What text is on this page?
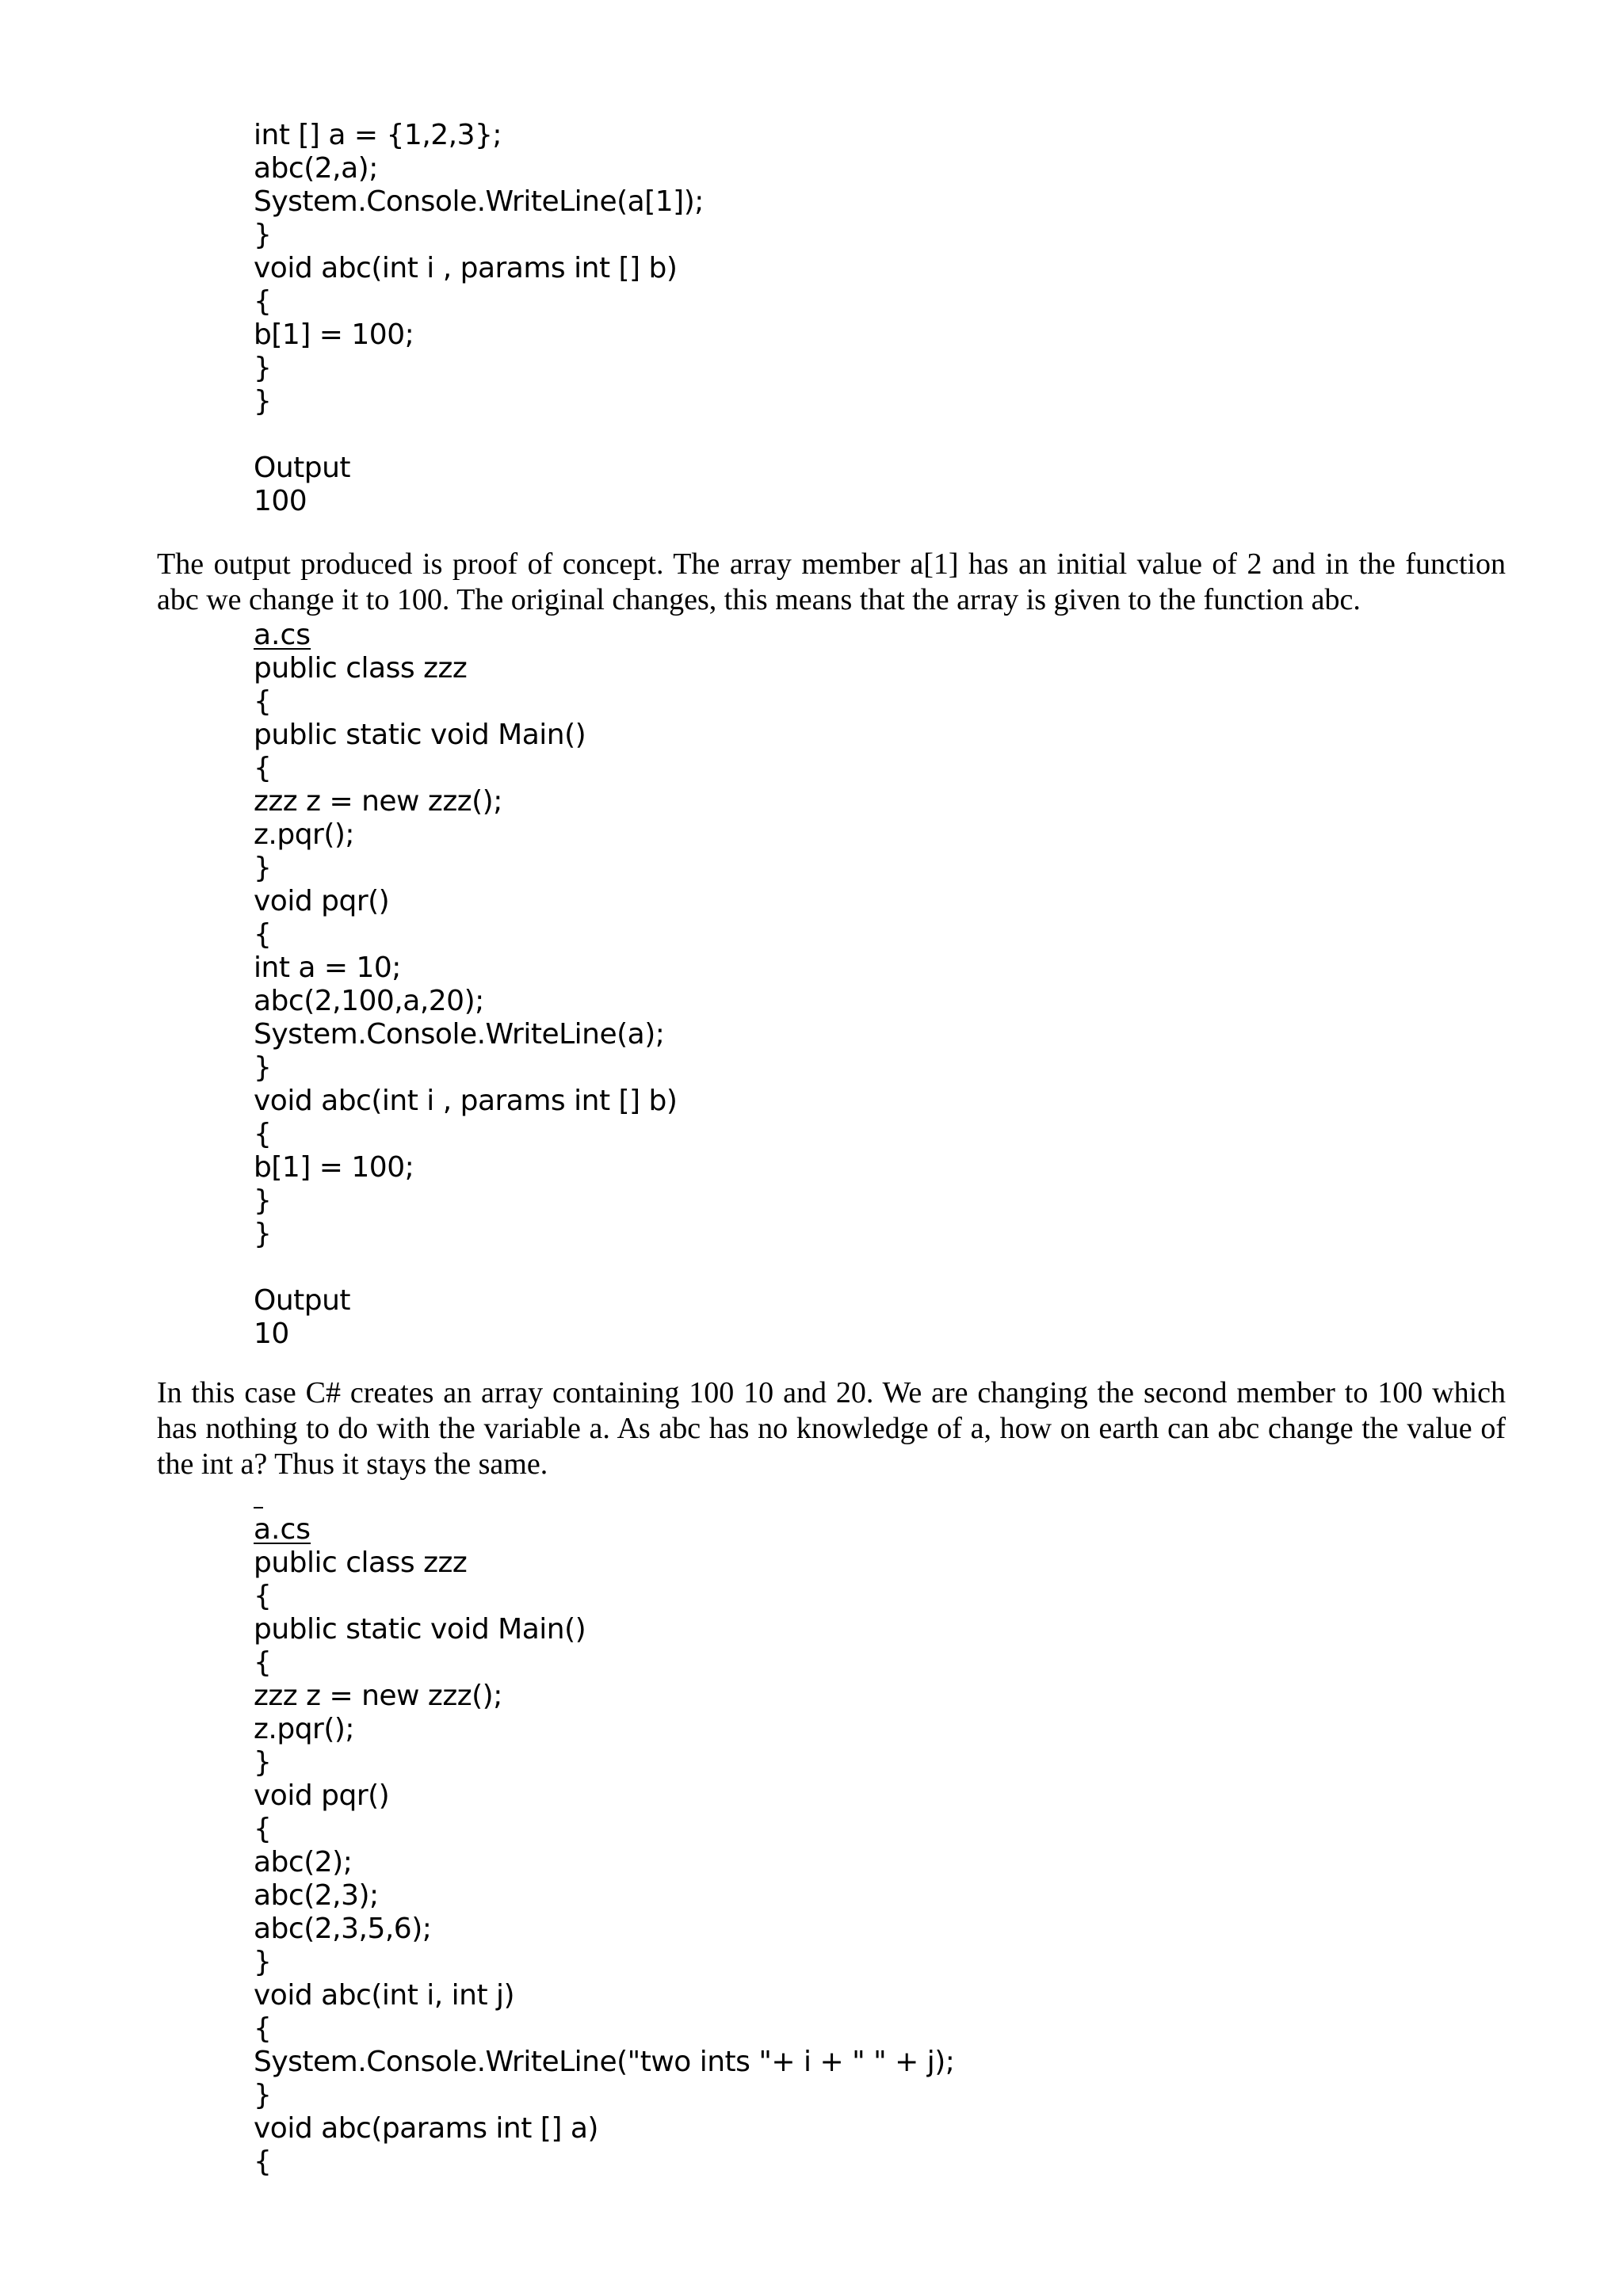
int [] a = {1,2,3};
abc(2,a);
System.Console.WriteLine(a[1]);
}
void abc(int i , params int [] b)
{
b[1] = 100;
}
}
Output
100

The output produced is proof of concept. The array member a[1] has an initial value of 2 and in the function abc we change it to 100. The original changes, this means that the array is given to the function abc.

a.cs
public class zzz
{
public static void Main()
{
zzz z = new zzz();
z.pqr();
}
void pqr()
{
int a = 10;
abc(2,100,a,20);
System.Console.WriteLine(a);
}
void abc(int i , params int [] b)
{
b[1] = 100;
}
}
Output
10

In this case C# creates an array containing 100 10 and 20. We are changing the second member to 100 which has nothing to do with the variable a. As abc has no knowledge of a, how on earth can abc change the value of the int a? Thus it stays the same.

a.cs
public class zzz
{
public static void Main()
{
zzz z = new zzz();
z.pqr();
}
void pqr()
{
abc(2);
abc(2,3);
abc(2,3,5,6);
}
void abc(int i, int j)
{
System.Console.WriteLine("two ints "+ i + " " + j);
}
void abc(params int [] a)
{
